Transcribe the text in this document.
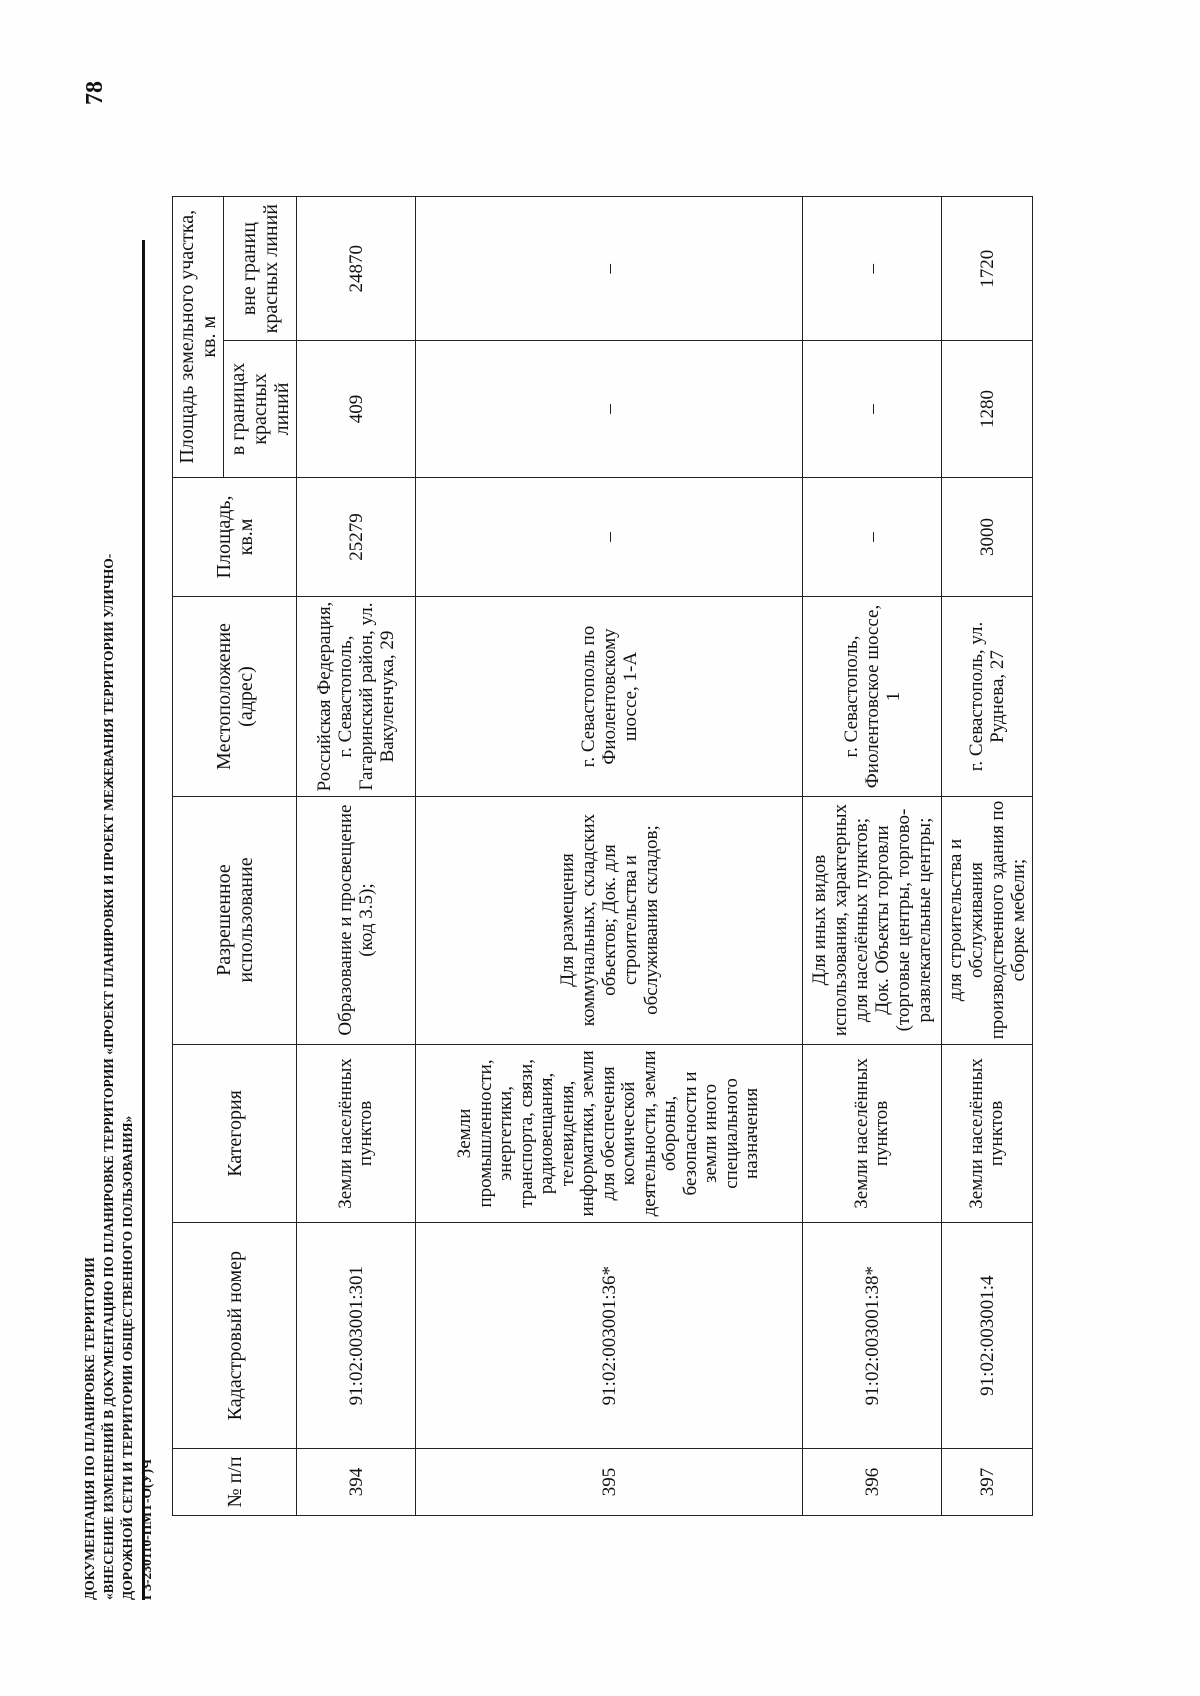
ДОКУМЕНТАЦИЯ ПО ПЛАНИРОВКЕ ТЕРРИТОРИИ «ВНЕСЕНИЕ ИЗМЕНЕНИЙ В ДОКУМЕНТАЦИЮ ПО ПЛАНИРОВКЕ ТЕРРИТОРИИ «ПРОЕКТ ПЛАНИРОВКИ И ПРОЕКТ МЕЖЕВАНИЯ ТЕРРИТОРИИ УЛИЧНО- ДОРОЖНОЙ СЕТИ И ТЕРРИТОРИИ ОБЩЕСТВЕННОГО ПОЛЬЗОВАНИЯ» ГЗ-230110-ПМТ-О(У)Ч
78
№ п/п	Кадастровый номер	Категория	Разрешенное использование	Местоположение (адрес)	Площадь, кв.м	Площадь земельного участка, кв. м	
						в границах красных линий	вне границ красных линий
394	91:02:003001:301	Земли населённых пунктов	Образование и просвещение (код 3.5);	Российская Федерация, г. Севастополь, Гагаринский район, ул. Вакуленчука, 29	25279	409	24870
395	91:02:003001:36*	Земли промышленности, энергетики, транспорта, связи, радиовещания, телевидения, информатики, земли для обеспечения космической деятельности, земли обороны, безопасности и земли иного специального назначения	Для размещения коммунальных, складских объектов; Док. для строительства и обслуживания складов;	г. Севастополь по Фиолентовскому шоссе, 1-А	–	–	–
396	91:02:003001:38*	Земли населённых пунктов	Для иных видов использования, характерных для населённых пунктов; Док. Объекты торговли (торговые центры, торгово-развлекательные центры;	г. Севастополь, Фиолентовское шоссе, 1	–	–	–
397	91:02:003001:4	Земли населённых пунктов	для строительства и обслуживания производственного здания по сборке мебели;	г. Севастополь, ул. Руднева, 27	3000	1280	1720
